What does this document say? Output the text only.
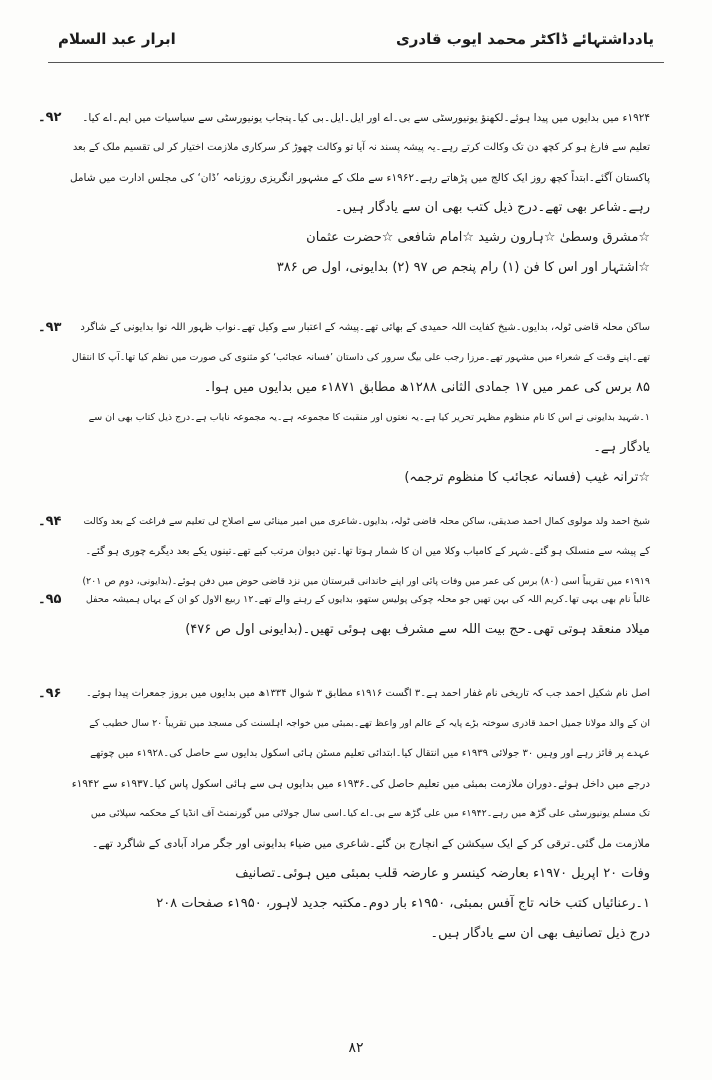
یادداشتہائے ڈاکٹر محمد ایوب قادری
ابرار عبد السلام
۹۲۔ ۱۹۲۴ء میں بدایوں میں پیدا ہوئے۔لکھنؤ یونیورسٹی سے بی۔اے اور ایل۔ایل۔بی کیا۔پنجاب یونیورسٹی سے سیاسیات میں ایم۔اے کیا۔
تعلیم سے فارغ ہو کر کچھ دن تک وکالت کرتے رہے۔یہ پیشہ پسند نہ آیا تو وکالت چھوڑ کر سرکاری ملازمت اختیار کر لی تقسیم ملک کے بعد
پاکستان آگئے۔ابتداً کچھ روز ایک کالج میں پڑھاتے رہے۔۱۹۶۲ء سے ملک کے مشہور انگریزی روزنامہ ’ڈان‘ کی مجلس ادارت میں شامل
رہے۔شاعر بھی تھے۔درج ذیل کتب بھی ان سے یادگار ہیں۔
☆مشرق وسطیٰ ☆ہارون رشید ☆امام شافعی ☆حضرت عثمان
☆اشتہار اور اس کا فن (۱) رام پنجم ص ۹۷ (۲) بدایونی، اول ص ۳۸۶
۹۳۔ ساکن محلہ قاضی ٹولہ، بدایوں۔شیخ کفایت اللہ حمیدی کے بھائی تھے۔پیشہ کے اعتبار سے وکیل تھے۔نواب ظہور اللہ نوا بدایونی کے شاگرد
تھے۔اپنے وقت کے شعراء میں مشہور تھے۔مرزا رجب علی بیگ سرور کی داستان ’فسانہ عجائب‘ کو مثنوی کی صورت میں نظم کیا تھا۔آپ کا انتقال
۸۵ برس کی عمر میں ۱۷ جمادی الثانی ۱۲۸۸ھ مطابق ۱۸۷۱ء میں بدایوں میں ہوا۔
۱۔شہید بدایونی نے اس کا نام منظوم مظہر تحریر کیا ہے۔یہ نعتوں اور منقبت کا مجموعہ ہے۔یہ مجموعہ نایاب ہے۔درج ذیل کتاب بھی ان سے
یادگار ہے۔
☆ترانہ غیب (فسانہ عجائب کا منظوم ترجمہ)
۹۴۔ شیخ احمد ولد مولوی کمال احمد صدیقی، ساکن محلہ قاضی ٹولہ، بدایوں۔شاعری میں امیر مینائی سے اصلاح لی تعلیم سے فراغت کے بعد وکالت
کے پیشہ سے منسلک ہو گئے۔شہر کے کامیاب وکلا میں ان کا شمار ہوتا تھا۔تین دیوان مرتب کیے تھے۔تینوں یکے بعد دیگرے چوری ہو گئے۔
۱۹۱۹ء میں تقریباً اسی (۸۰) برس کی عمر میں وفات پائی اور اپنے خاندانی قبرستان میں نزد قاضی حوض میں دفن ہوئے۔(بدایونی، دوم ص ۲۰۱)
۹۵۔	غالباً نام بھی یہی تھا۔کریم اللہ کی بہن تھیں جو محلہ چوکی پولیس ستھو، بدایوں کے رہنے والے تھے۔۱۲ ربیع الاول کو ان کے یہاں ہمیشہ محفل
میلاد منعقد ہوتی تھی۔حج بیت اللہ سے مشرف بھی ہوئی تھیں۔(بدایونی اول ص ۴۷۶)
۹۶۔ اصل نام شکیل احمد جب کہ تاریخی نام غفار احمد ہے۔۳ اگست ۱۹۱۶ء مطابق ۳ شوال ۱۳۳۴ھ میں بدایوں میں بروز جمعرات پیدا ہوئے۔
ان کے والد مولانا جمیل احمد قادری سوختہ بڑے پایہ کے عالم اور واعظ تھے۔بمبئی میں خواجہ اہلسنت کی مسجد میں تقریباً ۲۰ سال خطیب کے
عہدے پر فائز رہے اور وہیں ۳۰ جولائی ۱۹۳۹ء میں انتقال کیا۔ابتدائی تعلیم مسٹن ہائی اسکول بدایوں سے حاصل کی۔۱۹۲۸ء میں چوتھے
درجے میں داخل ہوئے۔دوران ملازمت بمبئی میں تعلیم حاصل کی۔۱۹۳۶ء میں بدایوں ہی سے ہائی اسکول پاس کیا۔۱۹۳۷ء سے ۱۹۴۲ء
تک مسلم یونیورسٹی علی گڑھ میں رہے۔۱۹۴۲ء میں علی گڑھ سے بی۔اے کیا۔اسی سال جولائی میں گورنمنٹ آف انڈیا کے محکمہ سپلائی میں
ملازمت مل گئی۔ترقی کر کے ایک سیکشن کے انچارج بن گئے۔شاعری میں ضیاء بدایونی اور جگر مراد آبادی کے شاگرد تھے۔
وفات ۲۰ اپریل ۱۹۷۰ء بعارضہ کینسر و عارضہ قلب بمبئی میں ہوئی۔تصانیف
۱۔رعنائیاں کتب خانہ تاج آفس بمبئی، ۱۹۵۰ء بار دوم۔مکتبہ جدید لاہور، ۱۹۵۰ء صفحات ۲۰۸
درج ذیل تصانیف بھی ان سے یادگار ہیں۔
۸۲
